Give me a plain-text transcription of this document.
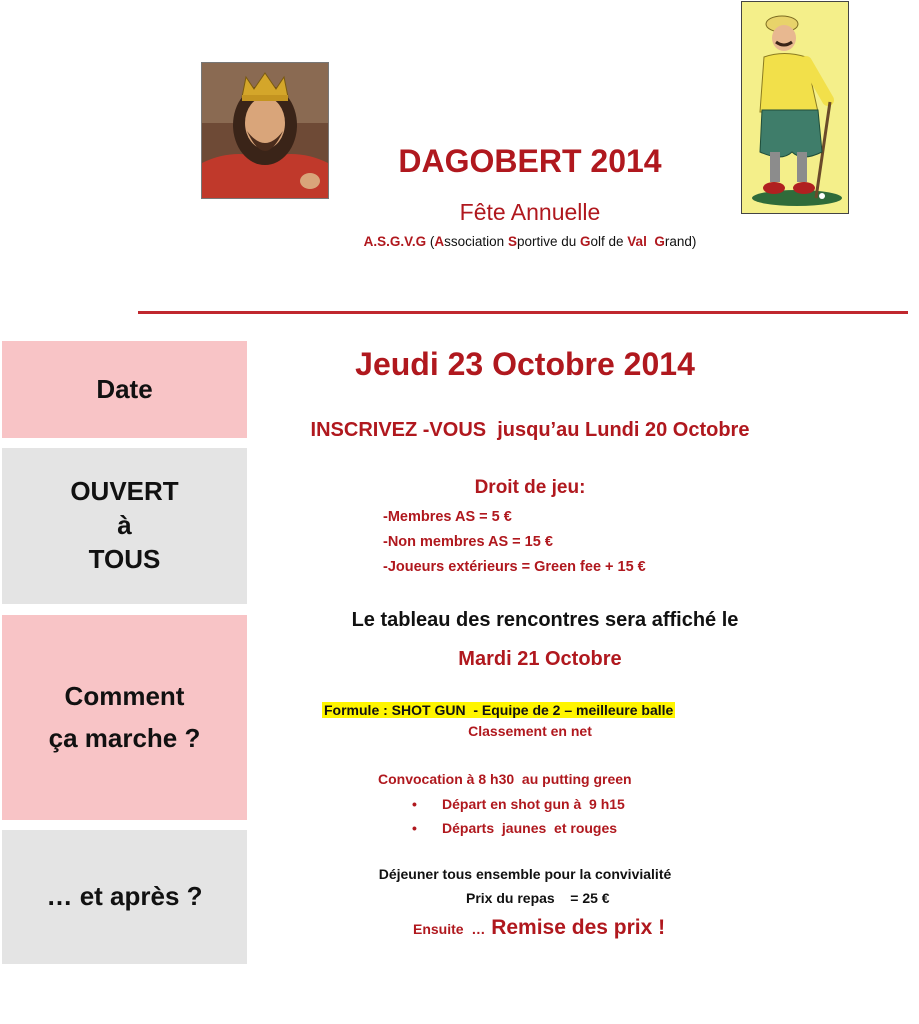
DAGOBERT 2014
Fête Annuelle
A.S.G.V.G (Association Sportive du Golf de Val Grand)
Date
OUVERT
à
TOUS
Comment
ça marche ?
… et après ?
Jeudi 23 Octobre 2014
INSCRIVEZ -VOUS  jusqu’au Lundi 20 Octobre
Droit de jeu:
-Membres AS = 5 €
-Non membres AS = 15 €
-Joueurs extérieurs = Green fee + 15 €
Le tableau des rencontres sera affiché le
Mardi 21 Octobre
Formule : SHOT GUN  - Equipe de 2 – meilleure balle
Classement en net
Convocation à 8 h30  au putting green
• Départ en shot gun à  9 h15
• Départs  jaunes  et rouges
Déjeuner tous ensemble pour la convivialité
Prix du repas    = 25 €
Ensuite  … Remise des prix !
